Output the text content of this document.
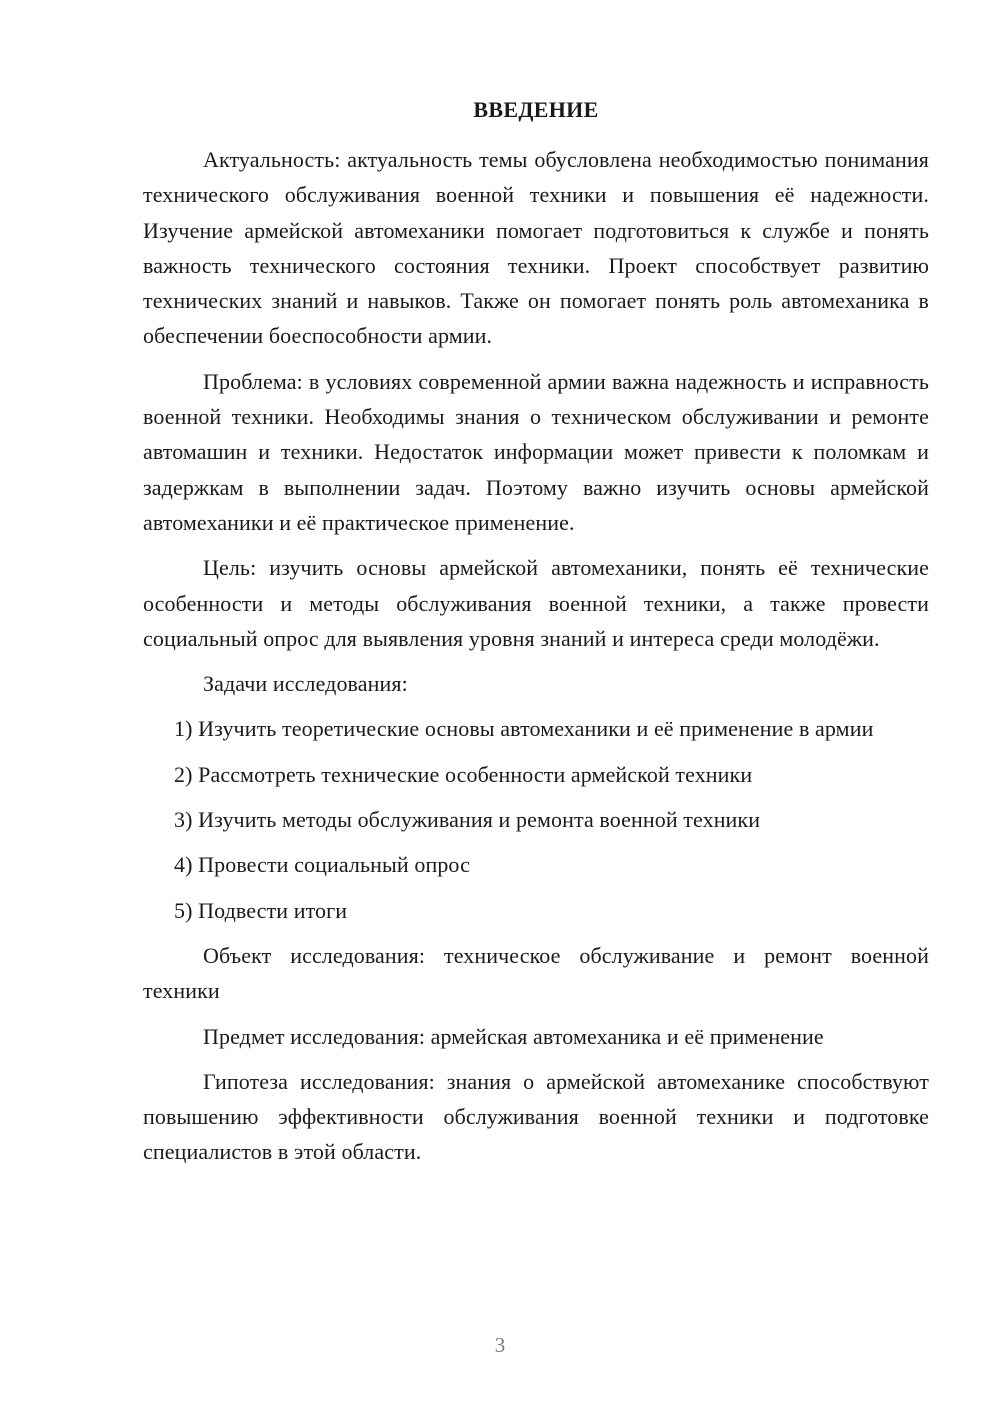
ВВЕДЕНИЕ

Актуальность: актуальность темы обусловлена необходимостью понимания технического обслуживания военной техники и повышения её надежности. Изучение армейской автомеханики помогает подготовиться к службе и понять важность технического состояния техники. Проект способствует развитию технических знаний и навыков. Также он помогает понять роль автомеханика в обеспечении боеспособности армии.

Проблема: в условиях современной армии важна надежность и исправность военной техники. Необходимы знания о техническом обслуживании и ремонте автомашин и техники. Недостаток информации может привести к поломкам и задержкам в выполнении задач. Поэтому важно изучить основы армейской автомеханики и её практическое применение.

Цель: изучить основы армейской автомеханики, понять её технические особенности и методы обслуживания военной техники, а также провести социальный опрос для выявления уровня знаний и интереса среди молодёжи.

Задачи исследования:

1) Изучить теоретические основы автомеханики и её применение в армии

2) Рассмотреть технические особенности армейской техники

3) Изучить методы обслуживания и ремонта военной техники

4) Провести социальный опрос

5) Подвести итоги

Объект исследования: техническое обслуживание и ремонт военной техники

Предмет исследования: армейская автомеханика и её применение

Гипотеза исследования: знания о армейской автомеханике способствуют повышению эффективности обслуживания военной техники и подготовке специалистов в этой области.

3
